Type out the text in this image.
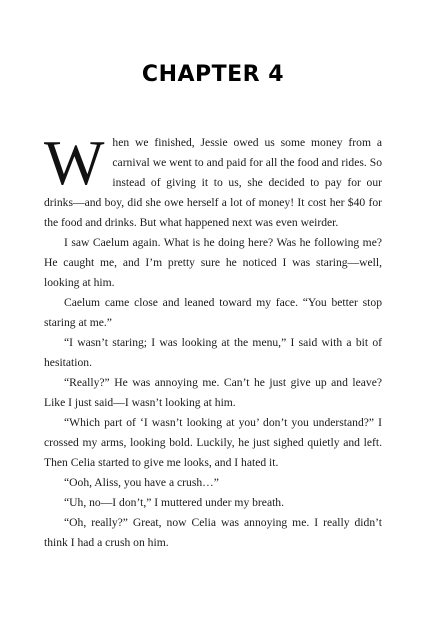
CHAPTER 4

When we finished, Jessie owed us some money from a carnival we went to and paid for all the food and rides. So instead of giving it to us, she decided to pay for our drinks—and boy, did she owe herself a lot of money! It cost her $40 for the food and drinks. But what happened next was even weirder.

I saw Caelum again. What is he doing here? Was he following me? He caught me, and I’m pretty sure he noticed I was staring—well, looking at him.

Caelum came close and leaned toward my face. “You better stop staring at me.”

“I wasn’t staring; I was looking at the menu,” I said with a bit of hesitation.

“Really?” He was annoying me. Can’t he just give up and leave? Like I just said—I wasn’t looking at him.

“Which part of ‘I wasn’t looking at you’ don’t you understand?” I crossed my arms, looking bold. Luckily, he just sighed quietly and left. Then Celia started to give me looks, and I hated it.

“Ooh, Aliss, you have a crush…”

“Uh, no—I don’t,” I muttered under my breath.

“Oh, really?” Great, now Celia was annoying me. I really didn’t think I had a crush on him.
